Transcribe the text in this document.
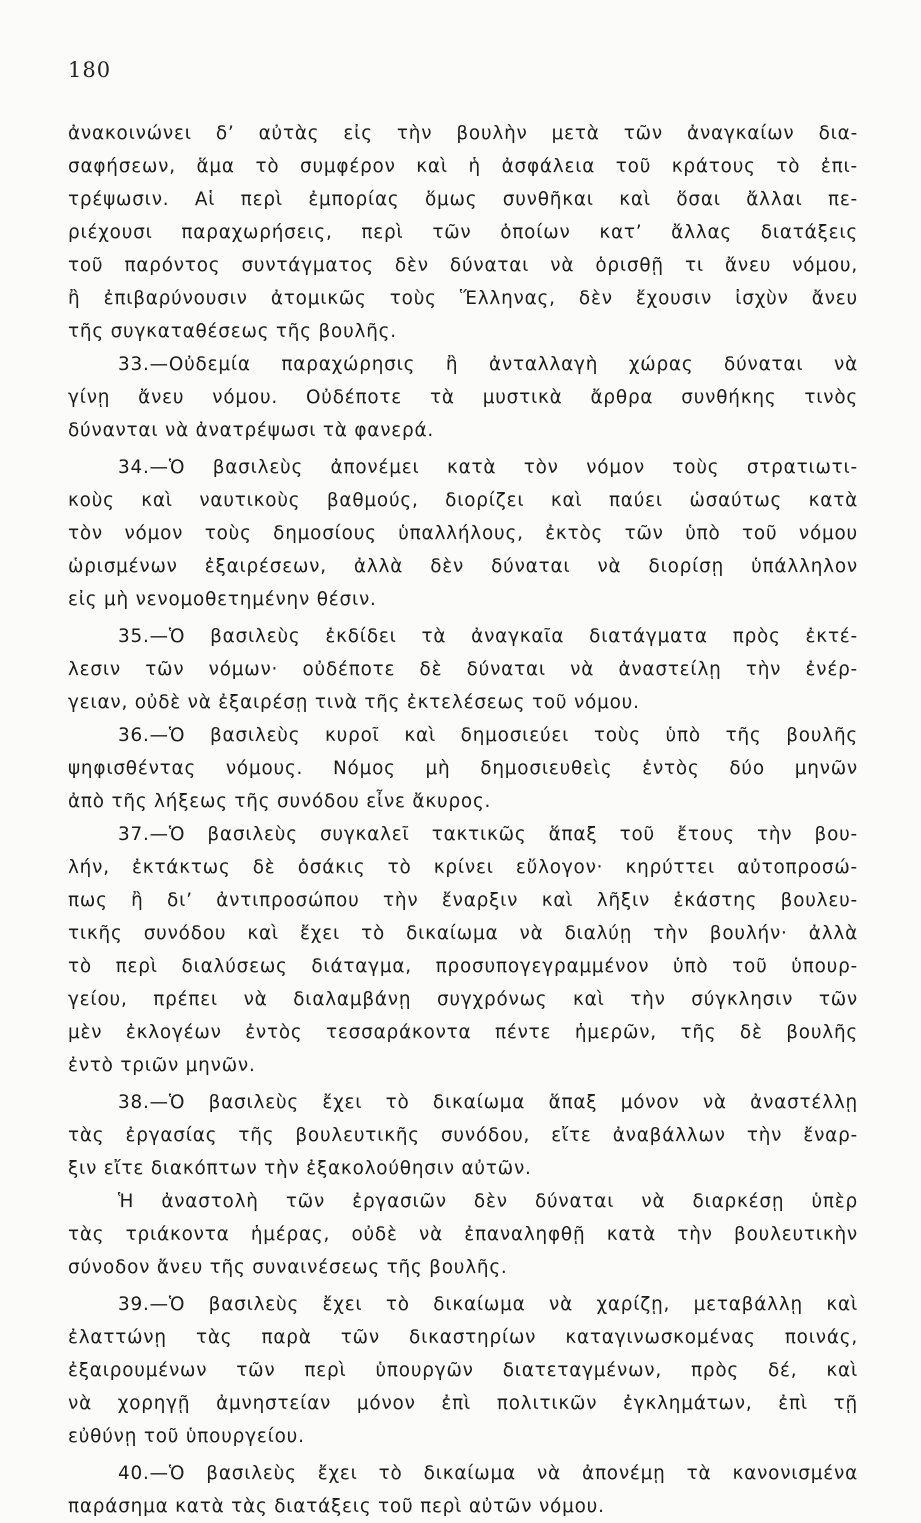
180
ἀνακοινώνει δ’ αὐτὰς εἰς τὴν βουλὴν μετὰ τῶν ἀναγκαίων δια-
σαφήσεων, ἅμα τὸ συμφέρον καὶ ἡ ἀσφάλεια τοῦ κράτους τὸ ἐπι-
τρέψωσιν. Αἱ περὶ ἐμπορίας ὅμως συνθῆκαι καὶ ὅσαι ἄλλαι πε-
ριέχουσι παραχωρήσεις, περὶ τῶν ὁποίων κατ’ ἄλλας διατάξεις
τοῦ παρόντος συντάγματος δὲν δύναται νὰ ὁρισθῇ τι ἄνευ νόμου,
ἢ ἐπιβαρύνουσιν ἀτομικῶς τοὺς Ἕλληνας, δὲν ἔχουσιν ἰσχὺν ἄνευ
τῆς συγκαταθέσεως τῆς βουλῆς.
33.—Οὐδεμία παραχώρησις ἢ ἀνταλλαγὴ χώρας δύναται νὰ
γίνῃ ἄνευ νόμου. Οὐδέποτε τὰ μυστικὰ ἄρθρα συνθήκης τινὸς
δύνανται νὰ ἀνατρέψωσι τὰ φανερά.
34.—Ὁ βασιλεὺς ἀπονέμει κατὰ τὸν νόμον τοὺς στρατιωτι-
κοὺς καὶ ναυτικοὺς βαθμούς, διορίζει καὶ παύει ὡσαύτως κατὰ
τὸν νόμον τοὺς δημοσίους ὑπαλλήλους, ἐκτὸς τῶν ὑπὸ τοῦ νόμου
ὡρισμένων ἐξαιρέσεων, ἀλλὰ δὲν δύναται νὰ διορίσῃ ὑπάλληλον
εἰς μὴ νενομοθετημένην θέσιν.
35.—Ὁ βασιλεὺς ἐκδίδει τὰ ἀναγκαῖα διατάγματα πρὸς ἐκτέ-
λεσιν τῶν νόμων· οὐδέποτε δὲ δύναται νὰ ἀναστείλῃ τὴν ἐνέρ-
γειαν, οὐδὲ νὰ ἐξαιρέσῃ τινὰ τῆς ἐκτελέσεως τοῦ νόμου.
36.—Ὁ βασιλεὺς κυροῖ καὶ δημοσιεύει τοὺς ὑπὸ τῆς βουλῆς
ψηφισθέντας νόμους. Νόμος μὴ δημοσιευθεὶς ἐντὸς δύο μηνῶν
ἀπὸ τῆς λήξεως τῆς συνόδου εἶνε ἄκυρος.
37.—Ὁ βασιλεὺς συγκαλεῖ τακτικῶς ἅπαξ τοῦ ἔτους τὴν βου-
λήν, ἐκτάκτως δὲ ὁσάκις τὸ κρίνει εὔλογον· κηρύττει αὐτοπροσώ-
πως ἢ δι’ ἀντιπροσώπου τὴν ἔναρξιν καὶ λῆξιν ἑκάστης βουλευ-
τικῆς συνόδου καὶ ἔχει τὸ δικαίωμα νὰ διαλύῃ τὴν βουλήν· ἀλλὰ
τὸ περὶ διαλύσεως διάταγμα, προσυπογεγραμμένον ὑπὸ τοῦ ὑπουρ-
γείου, πρέπει νὰ διαλαμβάνῃ συγχρόνως καὶ τὴν σύγκλησιν τῶν
μὲν ἐκλογέων ἐντὸς τεσσαράκοντα πέντε ἡμερῶν, τῆς δὲ βουλῆς
ἐντὸ τριῶν μηνῶν.
38.—Ὁ βασιλεὺς ἔχει τὸ δικαίωμα ἅπαξ μόνον νὰ ἀναστέλλῃ
τὰς ἐργασίας τῆς βουλευτικῆς συνόδου, εἴτε ἀναβάλλων τὴν ἔναρ-
ξιν εἴτε διακόπτων τὴν ἐξακολούθησιν αὐτῶν.
Ἡ ἀναστολὴ τῶν ἐργασιῶν δὲν δύναται νὰ διαρκέσῃ ὑπὲρ
τὰς τριάκοντα ἡμέρας, οὐδὲ νὰ ἐπαναληφθῇ κατὰ τὴν βουλευτικὴν
σύνοδον ἄνευ τῆς συναινέσεως τῆς βουλῆς.
39.—Ὁ βασιλεὺς ἔχει τὸ δικαίωμα νὰ χαρίζῃ, μεταβάλλῃ καὶ
ἐλαττώνῃ τὰς παρὰ τῶν δικαστηρίων καταγινωσκομένας ποινάς,
ἐξαιρουμένων τῶν περὶ ὑπουργῶν διατεταγμένων, πρὸς δέ, καὶ
νὰ χορηγῇ ἀμνηστείαν μόνον ἐπὶ πολιτικῶν ἐγκλημάτων, ἐπὶ τῇ
εὐθύνῃ τοῦ ὑπουργείου.
40.—Ὁ βασιλεὺς ἔχει τὸ δικαίωμα νὰ ἀπονέμῃ τὰ κανονισμένα
παράσημα κατὰ τὰς διατάξεις τοῦ περὶ αὐτῶν νόμου.
